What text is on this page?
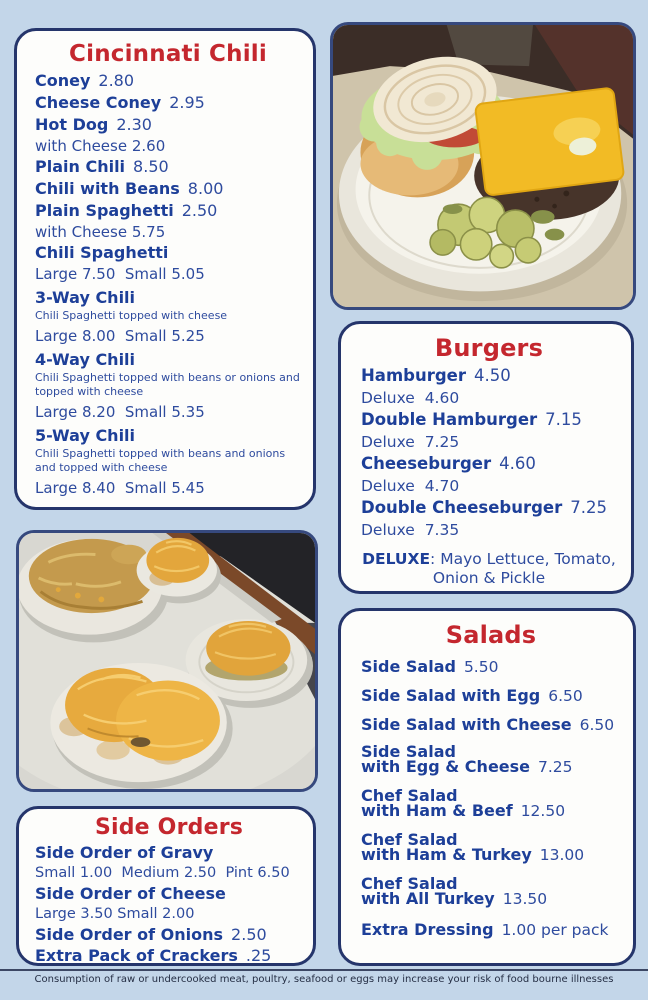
Cincinnati Chili
Coney 2.80
Cheese Coney 2.95
Hot Dog 2.30
with Cheese 2.60
Plain Chili 8.50
Chili with Beans 8.00
Plain Spaghetti 2.50
with Cheese 5.75
Chili Spaghetti
Large 7.50  Small 5.05
3-Way Chili
Chili Spaghetti topped with cheese
Large 8.00  Small 5.25
4-Way Chili
Chili Spaghetti topped with beans or onions and topped with cheese
Large 8.20  Small 5.35
5-Way Chili
Chili Spaghetti topped with beans and onions and topped with cheese
Large 8.40  Small 5.45
Burgers
Hamburger 4.50
Deluxe  4.60
Double Hamburger 7.15
Deluxe  7.25
Cheeseburger 4.60
Deluxe  4.70
Double Cheeseburger 7.25
Deluxe  7.35
DELUXE: Mayo Lettuce, Tomato, Onion & Pickle
Side Orders
Side Order of Gravy
Small 1.00  Medium 2.50  Pint 6.50
Side Order of Cheese
Large 3.50 Small 2.00
Side Order of Onions 2.50
Extra Pack of Crackers .25
Salads
Side Salad 5.50
Side Salad with Egg 6.50
Side Salad with Cheese 6.50
Side Salad
with Egg & Cheese 7.25
Chef Salad
with Ham & Beef 12.50
Chef Salad
with Ham & Turkey 13.00
Chef Salad
with All Turkey 13.50
Extra Dressing 1.00 per pack

Consumption of raw or undercooked meat, poultry, seafood or eggs may increase your risk of food bourne illnesses
